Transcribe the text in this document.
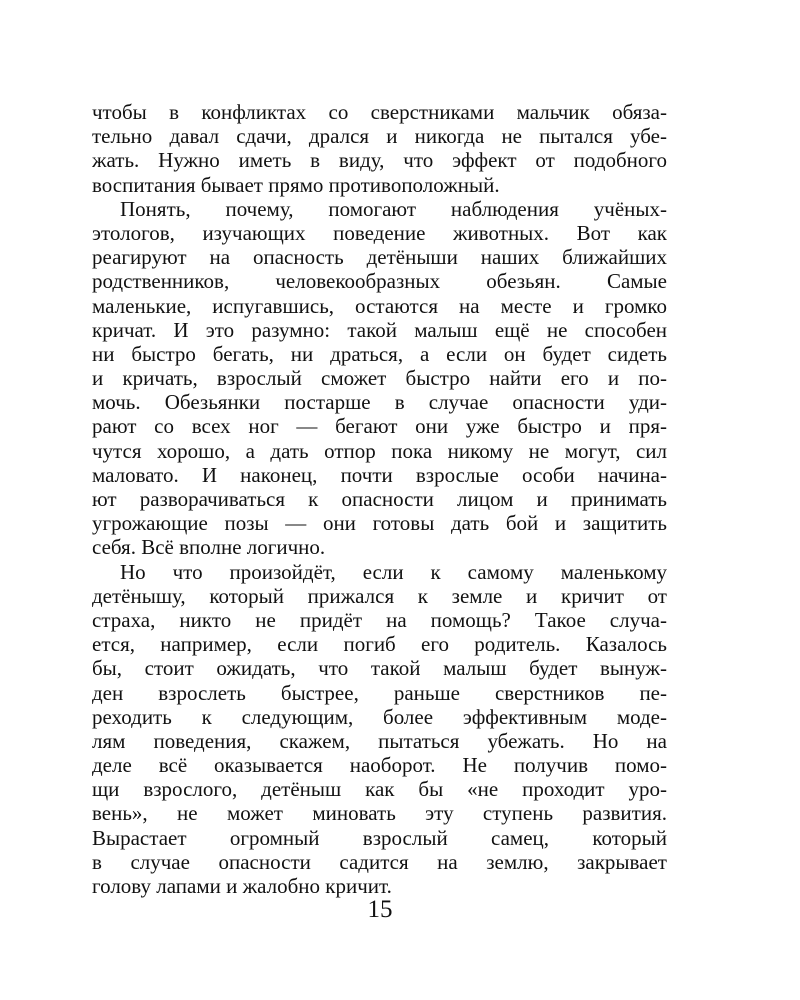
чтобы в конфликтах со сверстниками мальчик обяза-
тельно давал сдачи, дрался и никогда не пытался убе-
жать. Нужно иметь в виду, что эффект от подобного
воспитания бывает прямо противоположный.
Понять, почему, помогают наблюдения учёных-
этологов, изучающих поведение животных. Вот как
реагируют на опасность детёныши наших ближайших
родственников, человекообразных обезьян. Самые
маленькие, испугавшись, остаются на месте и громко
кричат. И это разумно: такой малыш ещё не способен
ни быстро бегать, ни драться, а если он будет сидеть
и кричать, взрослый сможет быстро найти его и по-
мочь. Обезьянки постарше в случае опасности уди-
рают со всех ног — бегают они уже быстро и пря-
чутся хорошо, а дать отпор пока никому не могут, сил
маловато. И наконец, почти взрослые особи начина-
ют разворачиваться к опасности лицом и принимать
угрожающие позы — они готовы дать бой и защитить
себя. Всё вполне логично.
Но что произойдёт, если к самому маленькому
детёнышу, который прижался к земле и кричит от
страха, никто не придёт на помощь? Такое случа-
ется, например, если погиб его родитель. Казалось
бы, стоит ожидать, что такой малыш будет вынуж-
ден взрослеть быстрее, раньше сверстников пе-
реходить к следующим, более эффективным моде-
лям поведения, скажем, пытаться убежать. Но на
деле всё оказывается наоборот. Не получив помо-
щи взрослого, детёныш как бы «не проходит уро-
вень», не может миновать эту ступень развития.
Вырастает огромный взрослый самец, который
в случае опасности садится на землю, закрывает
голову лапами и жалобно кричит.
15
